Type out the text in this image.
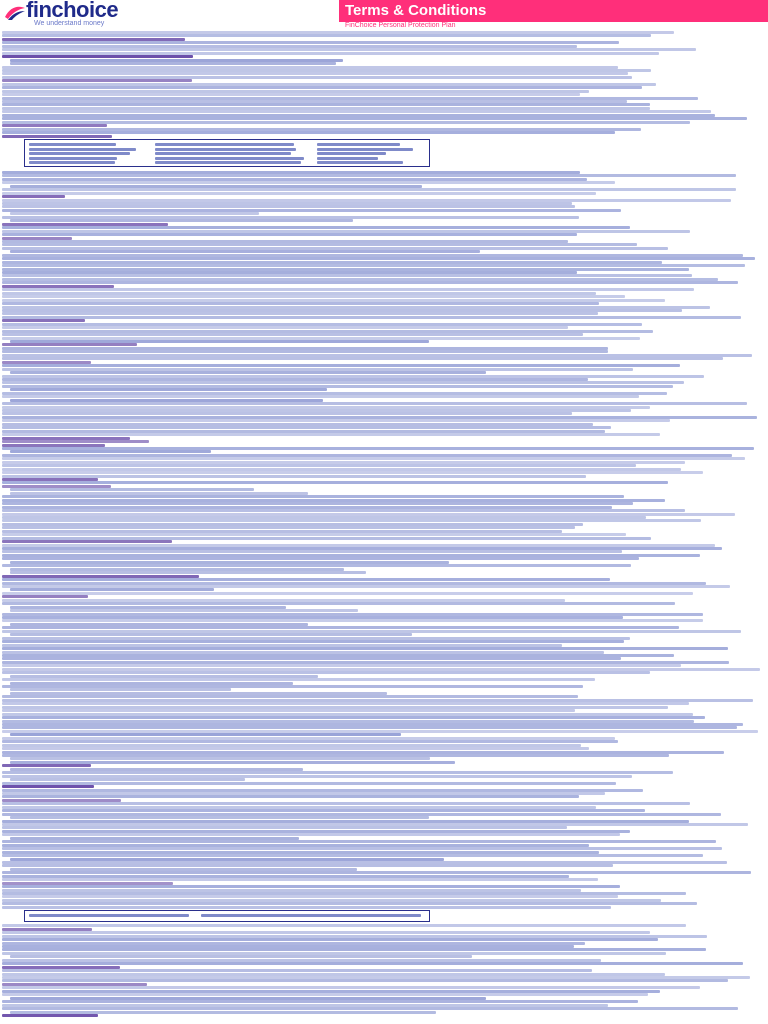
finchoice
We understand money
Terms & Conditions
FinChoice Personal Protection Plan
